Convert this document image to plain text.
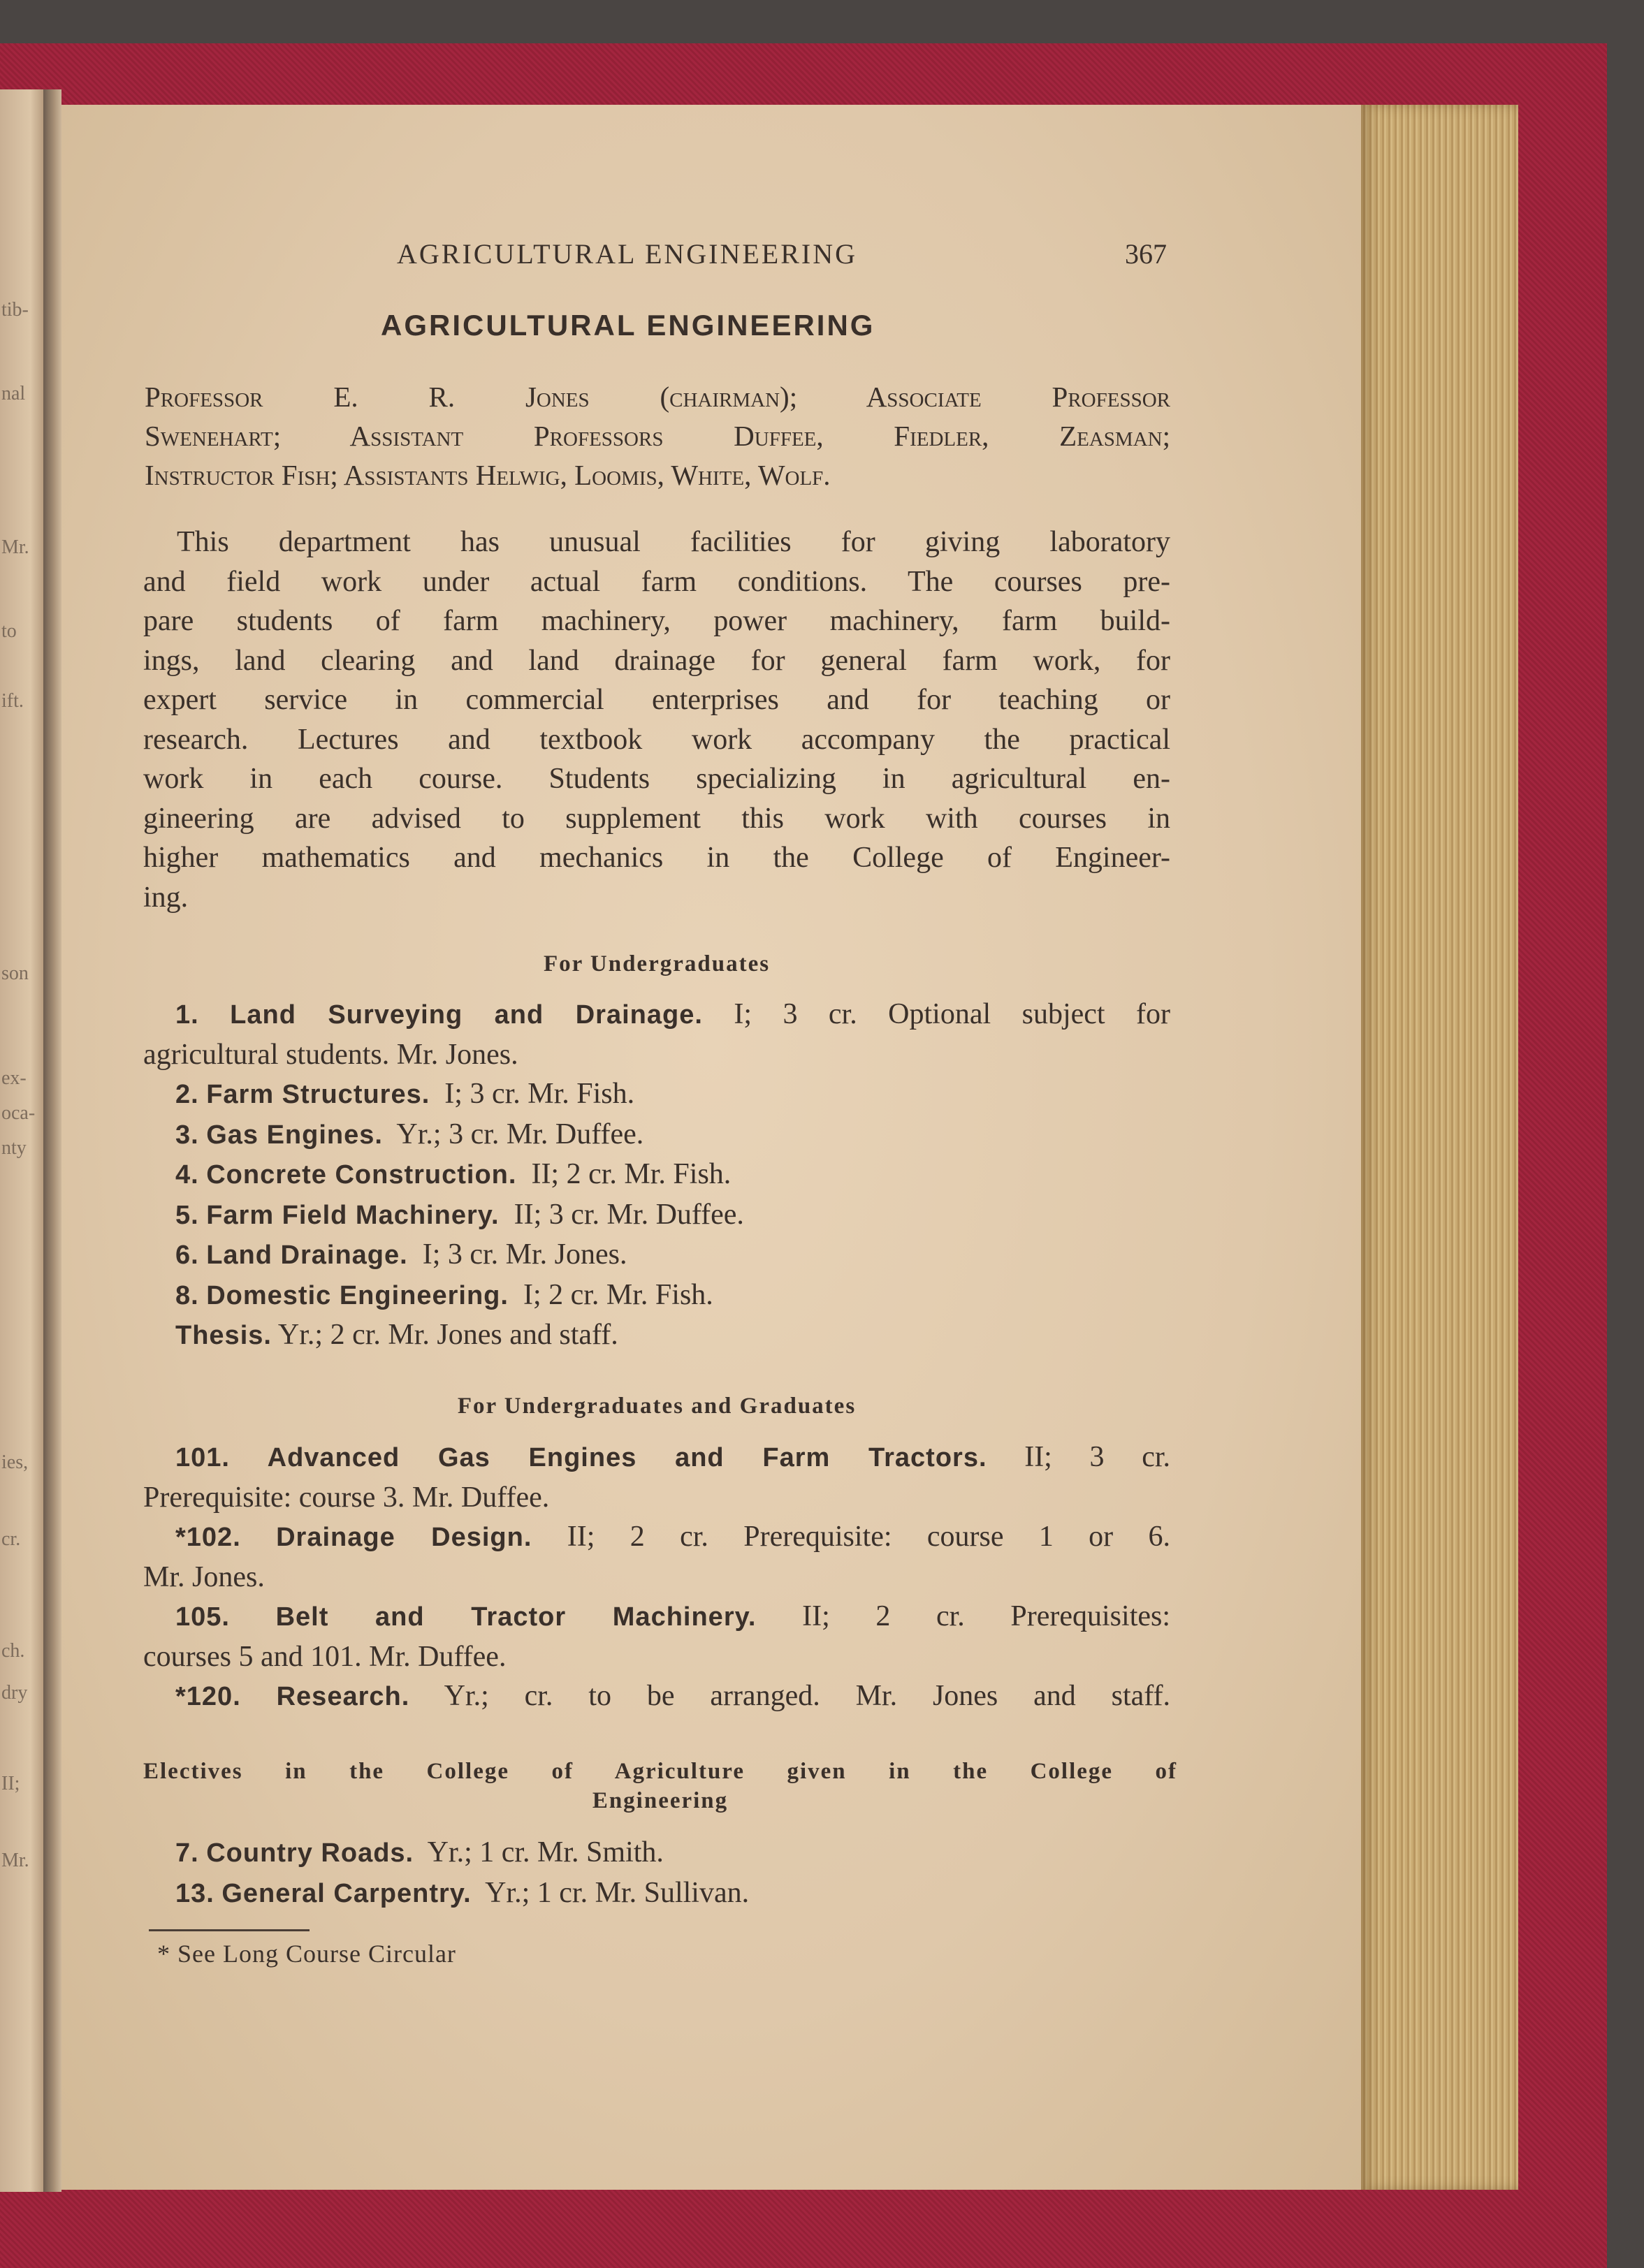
tib-
nal
Mr.
to
ift.
son
ex-
oca-
nty
ies,
cr.
ch.
dry
II;
Mr.
AGRICULTURAL ENGINEERING	367
AGRICULTURAL ENGINEERING
Professor E. R. Jones (chairman); Associate Professor
Swenehart; Assistant Professors Duffee, Fiedler, Zeasman;
Instructor Fish; Assistants Helwig, Loomis, White, Wolf.
This department has unusual facilities for giving laboratory
and field work under actual farm conditions. The courses pre-
pare students of farm machinery, power machinery, farm build-
ings, land clearing and land drainage for general farm work, for
expert service in commercial enterprises and for teaching or
research. Lectures and textbook work accompany the practical
work in each course. Students specializing in agricultural en-
gineering are advised to supplement this work with courses in
higher mathematics and mechanics in the College of Engineer-
ing.
For Undergraduates
1. Land Surveying and Drainage. I; 3 cr. Optional subject for
agricultural students. Mr. Jones.
2. Farm Structures. I; 3 cr. Mr. Fish.
3. Gas Engines. Yr.; 3 cr. Mr. Duffee.
4. Concrete Construction. II; 2 cr. Mr. Fish.
5. Farm Field Machinery. II; 3 cr. Mr. Duffee.
6. Land Drainage. I; 3 cr. Mr. Jones.
8. Domestic Engineering. I; 2 cr. Mr. Fish.
Thesis. Yr.; 2 cr. Mr. Jones and staff.
For Undergraduates and Graduates
101. Advanced Gas Engines and Farm Tractors. II; 3 cr.
Prerequisite: course 3. Mr. Duffee.
*102. Drainage Design. II; 2 cr. Prerequisite: course 1 or 6.
Mr. Jones.
105. Belt and Tractor Machinery. II; 2 cr. Prerequisites:
courses 5 and 101. Mr. Duffee.
*120. Research. Yr.; cr. to be arranged. Mr. Jones and staff.
Electives in the College of Agriculture given in the College of
Engineering
7. Country Roads. Yr.; 1 cr. Mr. Smith.
13. General Carpentry. Yr.; 1 cr. Mr. Sullivan.
* See Long Course Circular
